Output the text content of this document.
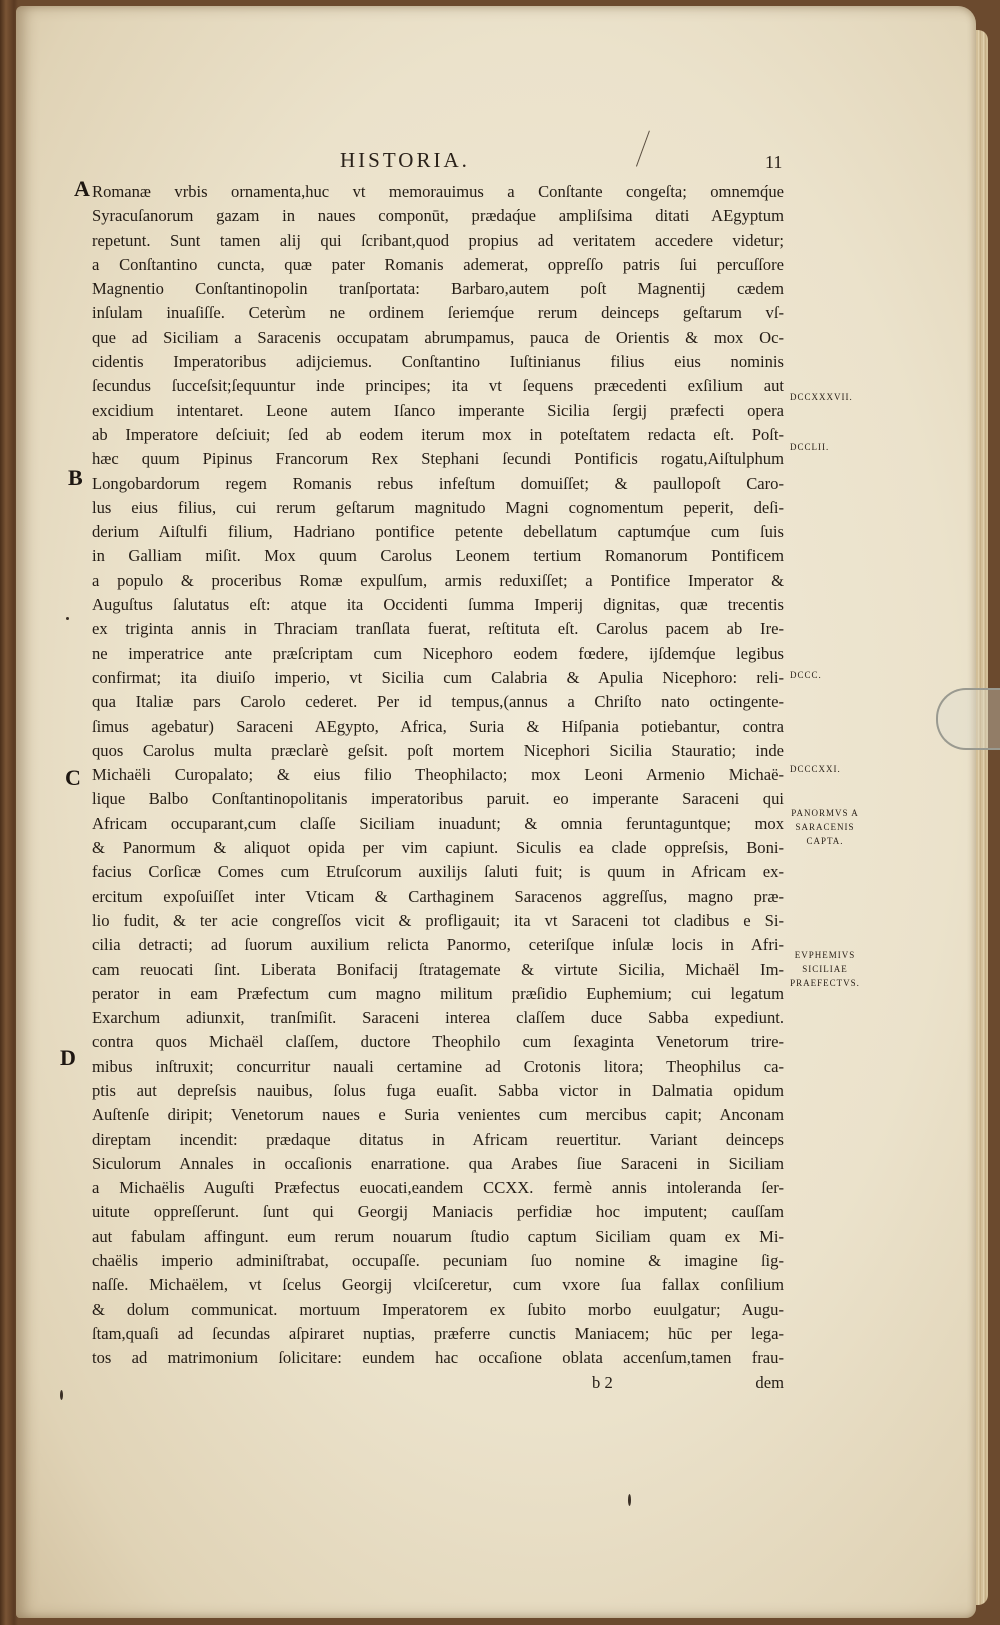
HISTORIA.	11
A
B
C
D
Romanæ vrbis ornamenta,huc vt memorauimus a Conſtante congeſta; omnemq́ue
Syracuſanorum gazam in naues componūt, prædaq́ue ampliſsima ditati AEgyptum
repetunt. Sunt tamen alij qui ſcribant,quod propius ad veritatem accedere videtur;
a Conſtantino cuncta, quæ pater Romanis ademerat, oppreſſo patris ſui percuſſore
Magnentio Conſtantinopolin tranſportata: Barbaro,autem poſt Magnentij cædem
inſulam inuaſiſſe. Ceterùm ne ordinem ſeriemq́ue rerum deinceps geſtarum vſ-
que ad Siciliam a Saracenis occupatam abrumpamus, pauca de Orientis & mox Oc-
cidentis Imperatoribus adijciemus. Conſtantino Iuſtinianus filius eius nominis
ſecundus ſucceſsit;ſequuntur inde principes; ita vt ſequens præcedenti exſilium aut
excidium intentaret. Leone autem Iſanco imperante Sicilia ſergij præfecti opera
ab Imperatore deſciuit; ſed ab eodem iterum mox in poteſtatem redacta eſt. Poſt-
hæc quum Pipinus Francorum Rex Stephani ſecundi Pontificis rogatu,Aiſtulphum
Longobardorum regem Romanis rebus infeſtum domuiſſet; & paullopoſt Caro-
lus eius filius, cui rerum geſtarum magnitudo Magni cognomentum peperit, deſi-
derium Aiſtulfi filium, Hadriano pontifice petente debellatum captumq́ue cum ſuis
in Galliam miſit. Mox quum Carolus Leonem tertium Romanorum Pontificem
a populo & proceribus Romæ expulſum, armis reduxiſſet; a Pontifice Imperator &
Auguſtus ſalutatus eſt: atque ita Occidenti ſumma Imperij dignitas, quæ trecentis
ex triginta annis in Thraciam tranſlata fuerat, reſtituta eſt. Carolus pacem ab Ire-
ne imperatrice ante præſcriptam cum Nicephoro eodem fœdere, ijſdemq́ue legibus
confirmat; ita diuiſo imperio, vt Sicilia cum Calabria & Apulia Nicephoro: reli-
qua Italiæ pars Carolo cederet. Per id tempus,(annus a Chriſto nato octingente-
ſimus agebatur) Saraceni AEgypto, Africa, Suria & Hiſpania potiebantur, contra
quos Carolus multa præclarè geſsit. poſt mortem Nicephori Sicilia Stauratio; inde
Michaëli Curopalato; & eius filio Theophilacto; mox Leoni Armenio Michaë-
lique Balbo Conſtantinopolitanis imperatoribus paruit. eo imperante Saraceni qui
Africam occuparant,cum claſſe Siciliam inuadunt; & omnia feruntaguntque; mox
& Panormum & aliquot opida per vim capiunt. Siculis ea clade oppreſsis, Boni-
facius Corſicæ Comes cum Etruſcorum auxilijs ſaluti fuit; is quum in Africam ex-
ercitum expoſuiſſet inter Vticam & Carthaginem Saracenos aggreſſus, magno præ-
lio fudit, & ter acie congreſſos vicit & profligauit; ita vt Saraceni tot cladibus e Si-
cilia detracti; ad ſuorum auxilium relicta Panormo, ceteriſque inſulæ locis in Afri-
cam reuocati ſint. Liberata Bonifacij ſtratagemate & virtute Sicilia, Michaël Im-
perator in eam Præfectum cum magno militum præſidio Euphemium; cui legatum
Exarchum adiunxit, tranſmiſit. Saraceni interea claſſem duce Sabba expediunt.
contra quos Michaël claſſem, ductore Theophilo cum ſexaginta Venetorum trire-
mibus inſtruxit; concurritur nauali certamine ad Crotonis litora; Theophilus ca-
ptis aut depreſsis nauibus, ſolus fuga euaſit. Sabba victor in Dalmatia opidum
Auſtenſe diripit; Venetorum naues e Suria venientes cum mercibus capit; Anconam
direptam incendit: prædaque ditatus in Africam reuertitur. Variant deinceps
Siculorum Annales in occaſionis enarratione. qua Arabes ſiue Saraceni in Siciliam
a Michaëlis Auguſti Præfectus euocati,eandem CCXX. fermè annis intoleranda ſer-
uitute oppreſſerunt. ſunt qui Georgij Maniacis perfidiæ hoc imputent; cauſſam
aut fabulam affingunt. eum rerum nouarum ſtudio captum Siciliam quam ex Mi-
chaëlis imperio adminiſtrabat, occupaſſe. pecuniam ſuo nomine & imagine ſig-
naſſe. Michaëlem, vt ſcelus Georgij vlciſceretur, cum vxore ſua fallax conſilium
& dolum communicat. mortuum Imperatorem ex ſubito morbo euulgatur; Augu-
ſtam,quaſi ad ſecundas aſpiraret nuptias, præferre cunctis Maniacem; hūc per lega-
tos ad matrimonium ſolicitare: eundem hac occaſione oblata accenſum,tamen frau-
b 2	dem
DCCXXXVII.
DCCLII.
DCCC.
DCCCXXI.
PANORMVS A SARACENIS CAPTA.
EVPHEMIVS SICILIAE PRAEFECTVS.
